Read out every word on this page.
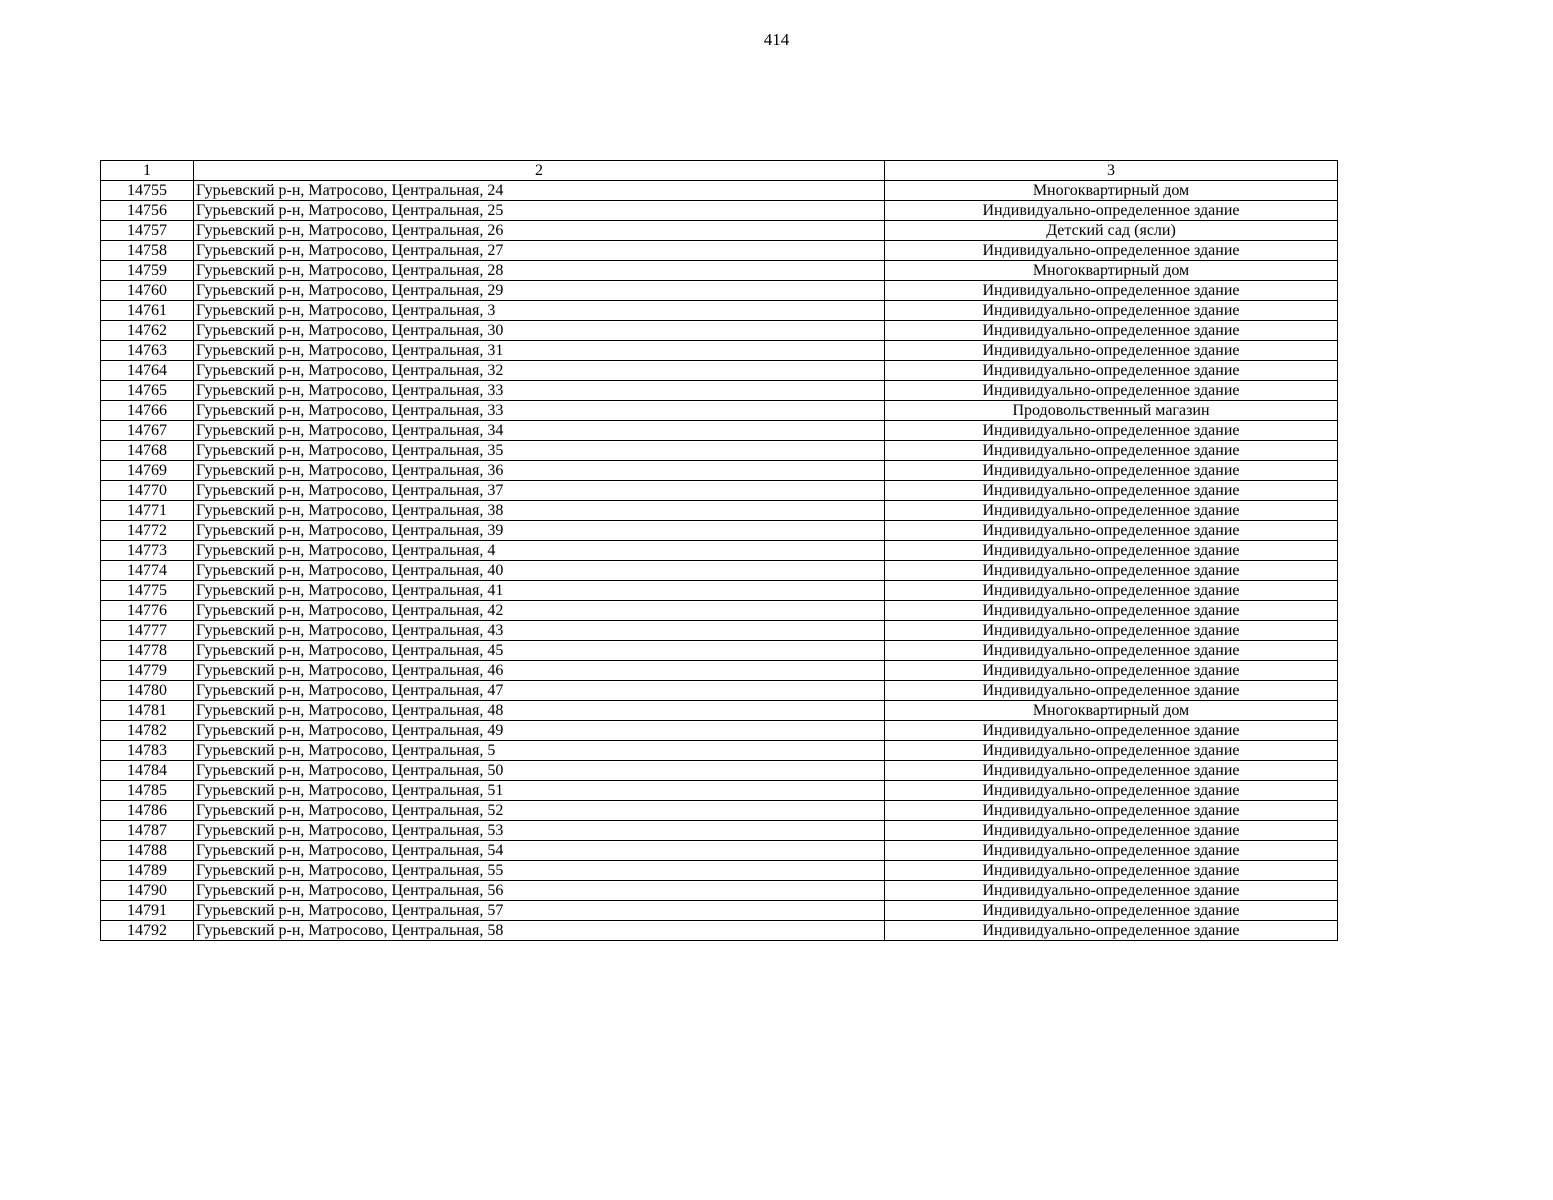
414
1	2	3
14755	Гурьевский р-н, Матросово, Центральная, 24	Многоквартирный дом
14756	Гурьевский р-н, Матросово, Центральная, 25	Индивидуально-определенное здание
14757	Гурьевский р-н, Матросово, Центральная, 26	Детский сад (ясли)
14758	Гурьевский р-н, Матросово, Центральная, 27	Индивидуально-определенное здание
14759	Гурьевский р-н, Матросово, Центральная, 28	Многоквартирный дом
14760	Гурьевский р-н, Матросово, Центральная, 29	Индивидуально-определенное здание
14761	Гурьевский р-н, Матросово, Центральная, 3	Индивидуально-определенное здание
14762	Гурьевский р-н, Матросово, Центральная, 30	Индивидуально-определенное здание
14763	Гурьевский р-н, Матросово, Центральная, 31	Индивидуально-определенное здание
14764	Гурьевский р-н, Матросово, Центральная, 32	Индивидуально-определенное здание
14765	Гурьевский р-н, Матросово, Центральная, 33	Индивидуально-определенное здание
14766	Гурьевский р-н, Матросово, Центральная, 33	Продовольственный магазин
14767	Гурьевский р-н, Матросово, Центральная, 34	Индивидуально-определенное здание
14768	Гурьевский р-н, Матросово, Центральная, 35	Индивидуально-определенное здание
14769	Гурьевский р-н, Матросово, Центральная, 36	Индивидуально-определенное здание
14770	Гурьевский р-н, Матросово, Центральная, 37	Индивидуально-определенное здание
14771	Гурьевский р-н, Матросово, Центральная, 38	Индивидуально-определенное здание
14772	Гурьевский р-н, Матросово, Центральная, 39	Индивидуально-определенное здание
14773	Гурьевский р-н, Матросово, Центральная, 4	Индивидуально-определенное здание
14774	Гурьевский р-н, Матросово, Центральная, 40	Индивидуально-определенное здание
14775	Гурьевский р-н, Матросово, Центральная, 41	Индивидуально-определенное здание
14776	Гурьевский р-н, Матросово, Центральная, 42	Индивидуально-определенное здание
14777	Гурьевский р-н, Матросово, Центральная, 43	Индивидуально-определенное здание
14778	Гурьевский р-н, Матросово, Центральная, 45	Индивидуально-определенное здание
14779	Гурьевский р-н, Матросово, Центральная, 46	Индивидуально-определенное здание
14780	Гурьевский р-н, Матросово, Центральная, 47	Индивидуально-определенное здание
14781	Гурьевский р-н, Матросово, Центральная, 48	Многоквартирный дом
14782	Гурьевский р-н, Матросово, Центральная, 49	Индивидуально-определенное здание
14783	Гурьевский р-н, Матросово, Центральная, 5	Индивидуально-определенное здание
14784	Гурьевский р-н, Матросово, Центральная, 50	Индивидуально-определенное здание
14785	Гурьевский р-н, Матросово, Центральная, 51	Индивидуально-определенное здание
14786	Гурьевский р-н, Матросово, Центральная, 52	Индивидуально-определенное здание
14787	Гурьевский р-н, Матросово, Центральная, 53	Индивидуально-определенное здание
14788	Гурьевский р-н, Матросово, Центральная, 54	Индивидуально-определенное здание
14789	Гурьевский р-н, Матросово, Центральная, 55	Индивидуально-определенное здание
14790	Гурьевский р-н, Матросово, Центральная, 56	Индивидуально-определенное здание
14791	Гурьевский р-н, Матросово, Центральная, 57	Индивидуально-определенное здание
14792	Гурьевский р-н, Матросово, Центральная, 58	Индивидуально-определенное здание
